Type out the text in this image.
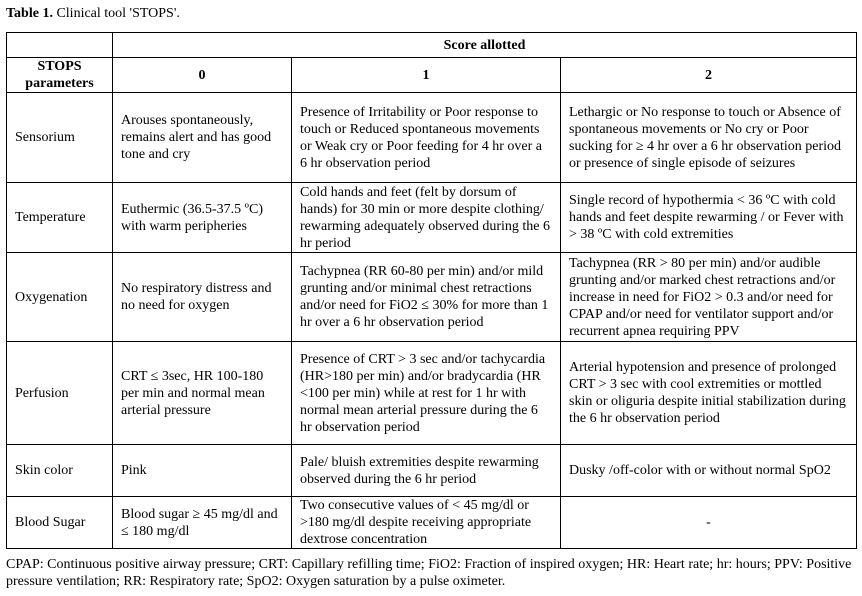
Table 1. Clinical tool 'STOPS'.
	Score allotted		
STOPS parameters	0	1	2
Sensorium	Arouses spontaneously, remains alert and has good tone and cry	Presence of Irritability or Poor response to touch or Reduced spontaneous movements or Weak cry or Poor feeding for 4 hr over a 6 hr observation period	Lethargic or No response to touch or Absence of spontaneous movements or No cry or Poor sucking for ≥ 4 hr over a 6 hr observation period or presence of single episode of seizures
Temperature	Euthermic (36.5-37.5 ºC) with warm peripheries	Cold hands and feet (felt by dorsum of hands) for 30 min or more despite clothing/ rewarming adequately observed during the 6 hr period	Single record of hypothermia < 36 ºC with cold hands and feet despite rewarming / or Fever with > 38 ºC with cold extremities
Oxygenation	No respiratory distress and no need for oxygen	Tachypnea (RR 60-80 per min) and/or mild grunting and/or minimal chest retractions and/or need for FiO2 ≤ 30% for more than 1 hr over a 6 hr observation period	Tachypnea (RR > 80 per min) and/or audible grunting and/or marked chest retractions and/or increase in need for FiO2 > 0.3 and/or need for CPAP and/or need for ventilator support and/or recurrent apnea requiring PPV
Perfusion	CRT ≤ 3sec, HR 100-180 per min and normal mean arterial pressure	Presence of CRT > 3 sec and/or tachycardia (HR>180 per min) and/or bradycardia (HR <100 per min) while at rest for 1 hr with normal mean arterial pressure during the 6 hr observation period	Arterial hypotension and presence of prolonged CRT > 3 sec with cool extremities or mottled skin or oliguria despite initial stabilization during the 6 hr observation period
Skin color	Pink	Pale/ bluish extremities despite rewarming observed during the 6 hr period	Dusky /off-color with or without normal SpO2
Blood Sugar	Blood sugar ≥ 45 mg/dl and ≤ 180 mg/dl	Two consecutive values of < 45 mg/dl or >180 mg/dl despite receiving appropriate dextrose concentration	-
CPAP: Continuous positive airway pressure; CRT: Capillary refilling time; FiO2: Fraction of inspired oxygen; HR: Heart rate; hr: hours; PPV: Positive pressure ventilation; RR: Respiratory rate; SpO2: Oxygen saturation by a pulse oximeter.
